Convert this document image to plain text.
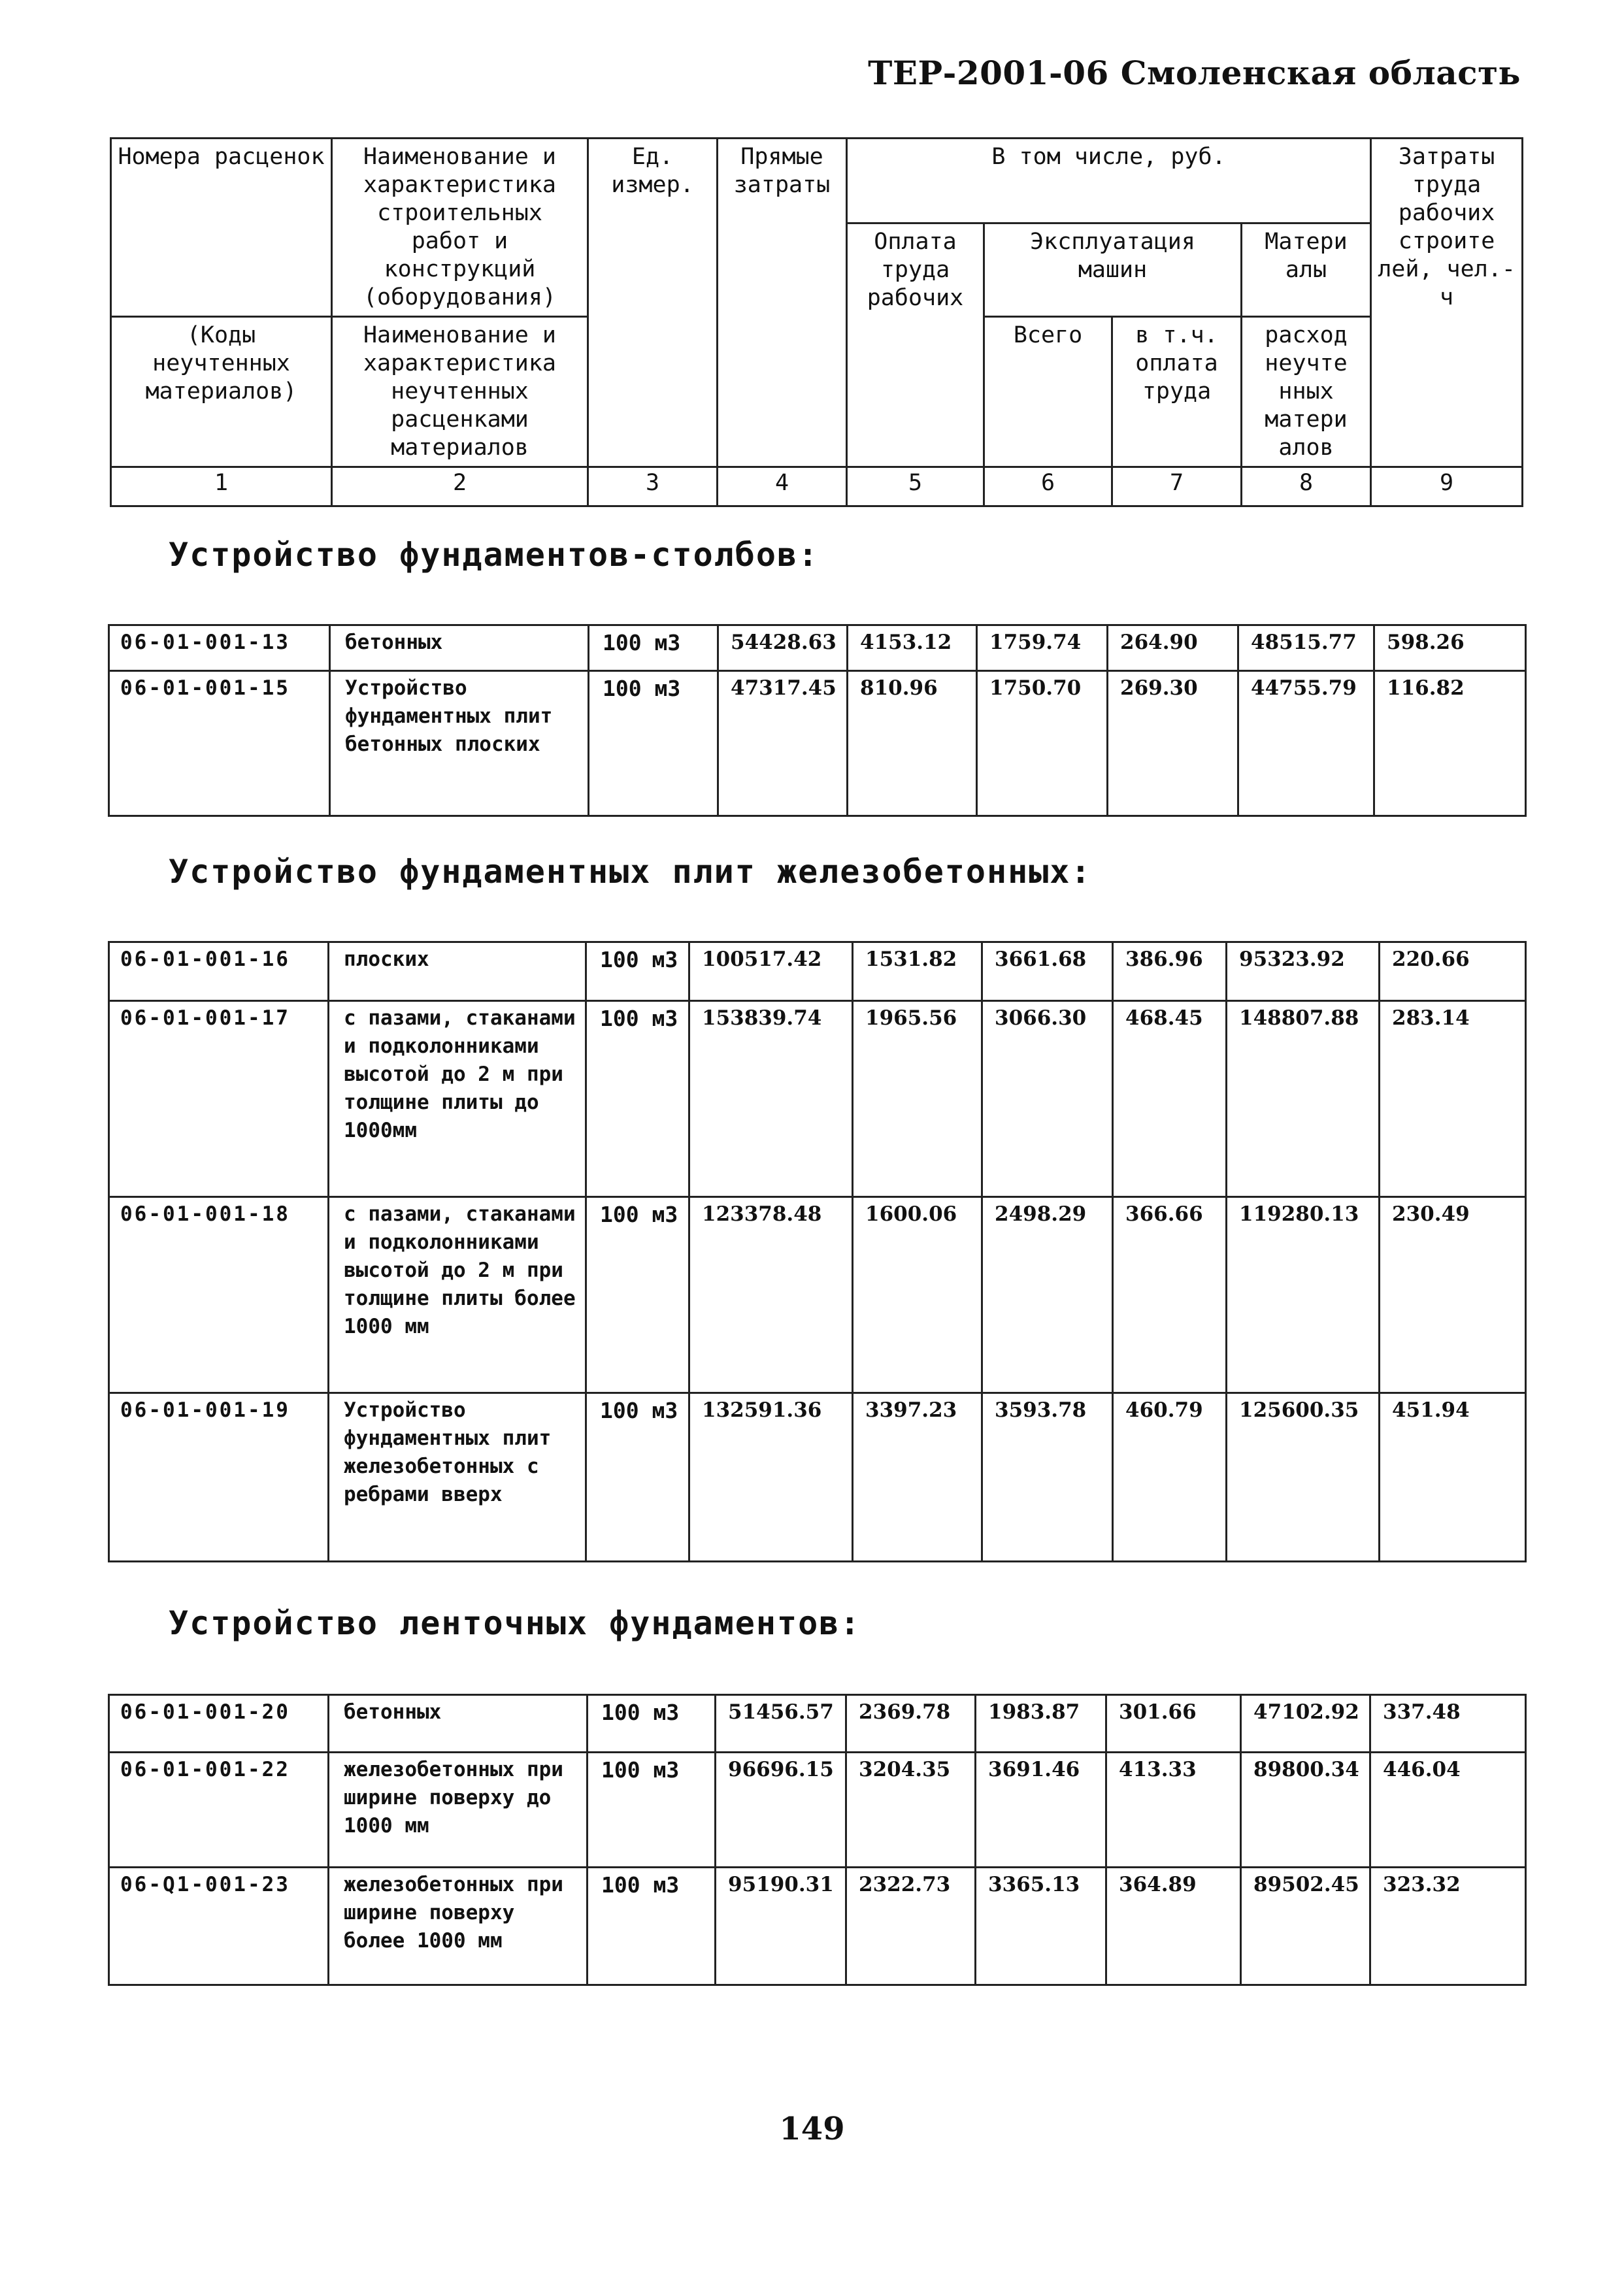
ТЕР-2001-06 Смоленская область
Номера расценок	Наименование и характеристика строительных работ и конструкций (оборудования)	Ед. измер.	Прямые затраты	В том числе, руб.				Затраты труда рабочих строите лей, чел.-ч
				Оплата труда рабочих	Эксплуатация машин		Матери алы	

(Коды неучтенных материалов)	Наименование и характеристика неучтенных расценками материалов				Всего	в т.ч. оплата труда	расход неучте нных матери алов	
1	2	3	4	5	6	7	8	9
Устройство фундаментов-столбов:
06-01-001-13	бетонных	100 м3	54428.63	4153.12	1759.74	264.90	48515.77	598.26
06-01-001-15	Устройство фундаментных плит бетонных плоских	100 м3	47317.45	810.96	1750.70	269.30	44755.79	116.82
Устройство фундаментных плит железобетонных:
06-01-001-16	плоских	100 м3	100517.42	1531.82	3661.68	386.96	95323.92	220.66
06-01-001-17	с пазами, стаканами и подколонниками высотой до 2 м при толщине плиты до 1000мм	100 м3	153839.74	1965.56	3066.30	468.45	148807.88	283.14
06-01-001-18	с пазами, стаканами и подколонниками высотой до 2 м при толщине плиты более 1000 мм	100 м3	123378.48	1600.06	2498.29	366.66	119280.13	230.49
06-01-001-19	Устройство фундаментных плит железобетонных с ребрами вверх	100 м3	132591.36	3397.23	3593.78	460.79	125600.35	451.94
Устройство ленточных фундаментов:
06-01-001-20	бетонных	100 м3	51456.57	2369.78	1983.87	301.66	47102.92	337.48
06-01-001-22	железобетонных при ширине поверху до 1000 мм	100 м3	96696.15	3204.35	3691.46	413.33	89800.34	446.04
06-Q1-001-23	железобетонных при ширине поверху более 1000 мм	100 м3	95190.31	2322.73	3365.13	364.89	89502.45	323.32
149
